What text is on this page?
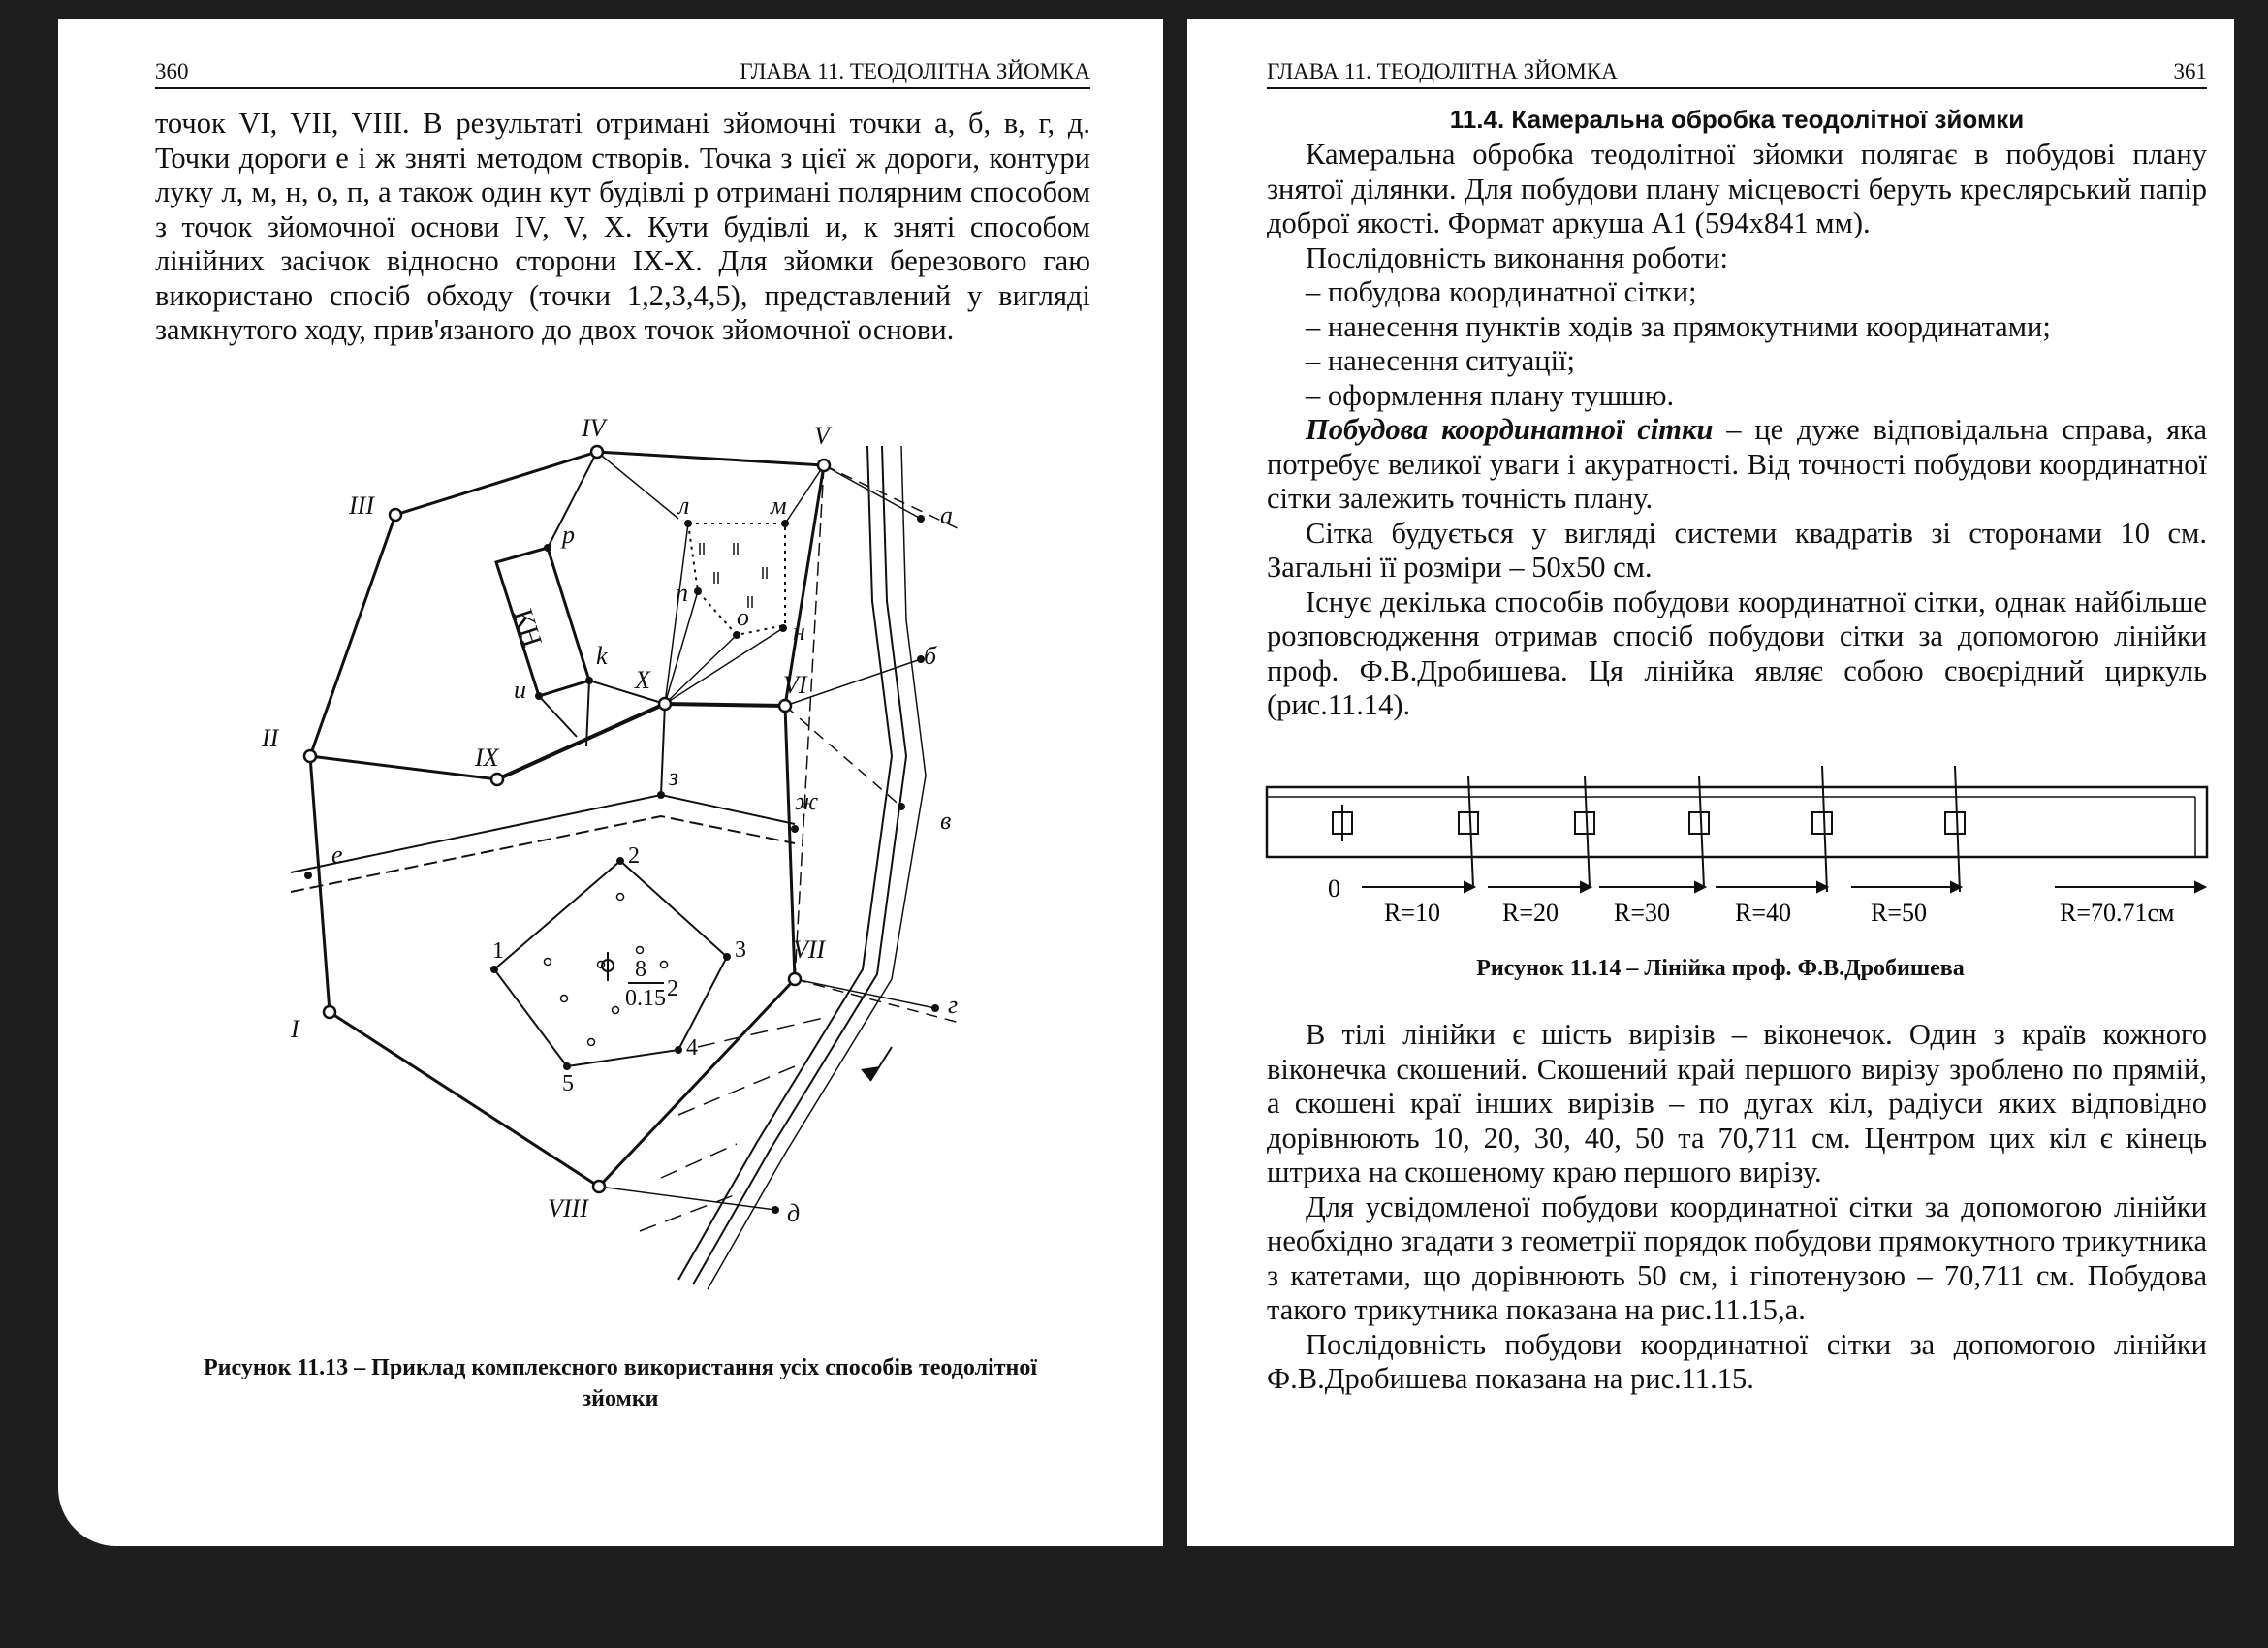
360	ГЛАВА 11. ТЕОДОЛІТНА ЗЙОМКА

точок VI, VII, VIII. В результаті отримані зйомочні точки а, б, в, г, д. Точки дороги е і ж зняті методом створів. Точка з цієї ж дороги, контури луку л, м, н, о, п, а також один кут будівлі р отримані полярним способом з точок зйомочної основи IV, V, X. Кути будівлі и, к зняті способом лінійних засічок відносно сторони IX-X. Для зйомки березового гаю використано спосіб обходу (точки 1,2,3,4,5), представлений у вигляді замкнутого ходу, прив'язаного до двох точок зйомочної основи.

I
II
III
IV	V
VI
VII
VIII
IX
X
а
б
в
г
д
е
ж
з
л	м
н
о
п
р
и
k
1
2
3
4
5
8
0.15 2
КН
Рисунок 11.13 – Приклад комплексного використання усіх способів теодолітної зйомки
ГЛАВА 11. ТЕОДОЛІТНА ЗЙОМКА	361
11.4. Камеральна обробка теодолітної зйомки

Камеральна обробка теодолітної зйомки полягає в побудові плану знятої ділянки. Для побудови плану місцевості беруть креслярський папір доброї якості. Формат аркуша А1 (594х841 мм).

Послідовність виконання роботи:

– побудова координатної сітки;

– нанесення пунктів ходів за прямокутними координатами;

– нанесення ситуації;

– оформлення плану тушшю.

Побудова координатної сітки – це дуже відповідальна справа, яка потребує великої уваги і акуратності. Від точності побудови координатної сітки залежить точність плану.

Сітка будується у вигляді системи квадратів зі сторонами 10 см. Загальні її розміри – 50х50 см.

Існує декілька способів побудови координатної сітки, однак найбільше розповсюдження отримав спосіб побудови сітки за допомогою лінійки проф. Ф.В.Дробишева. Ця лінійка являє собою своєрідний циркуль (рис.11.14).

0
R=10 R=20 R=30	R=40	R=50	R=70.71см
Рисунок 11.14 – Лінійка проф. Ф.В.Дробишева

В тілі лінійки є шість вирізів – віконечок. Один з країв кожного віконечка скошений. Скошений край першого вирізу зроблено по прямій, а скошені краї інших вирізів – по дугах кіл, радіуси яких відповідно дорівнюють 10, 20, 30, 40, 50 та 70,711 см. Центром цих кіл є кінець штриха на скошеному краю першого вирізу.

Для усвідомленої побудови координатної сітки за допомогою лінійки необхідно згадати з геометрії порядок побудови прямокутного трикутника з катетами, що дорівнюють 50 см, і гіпотенузою – 70,711 см. Побудова такого трикутника показана на рис.11.15,а.

Послідовність побудови координатної сітки за допомогою лінійки Ф.В.Дробишева показана на рис.11.15.
